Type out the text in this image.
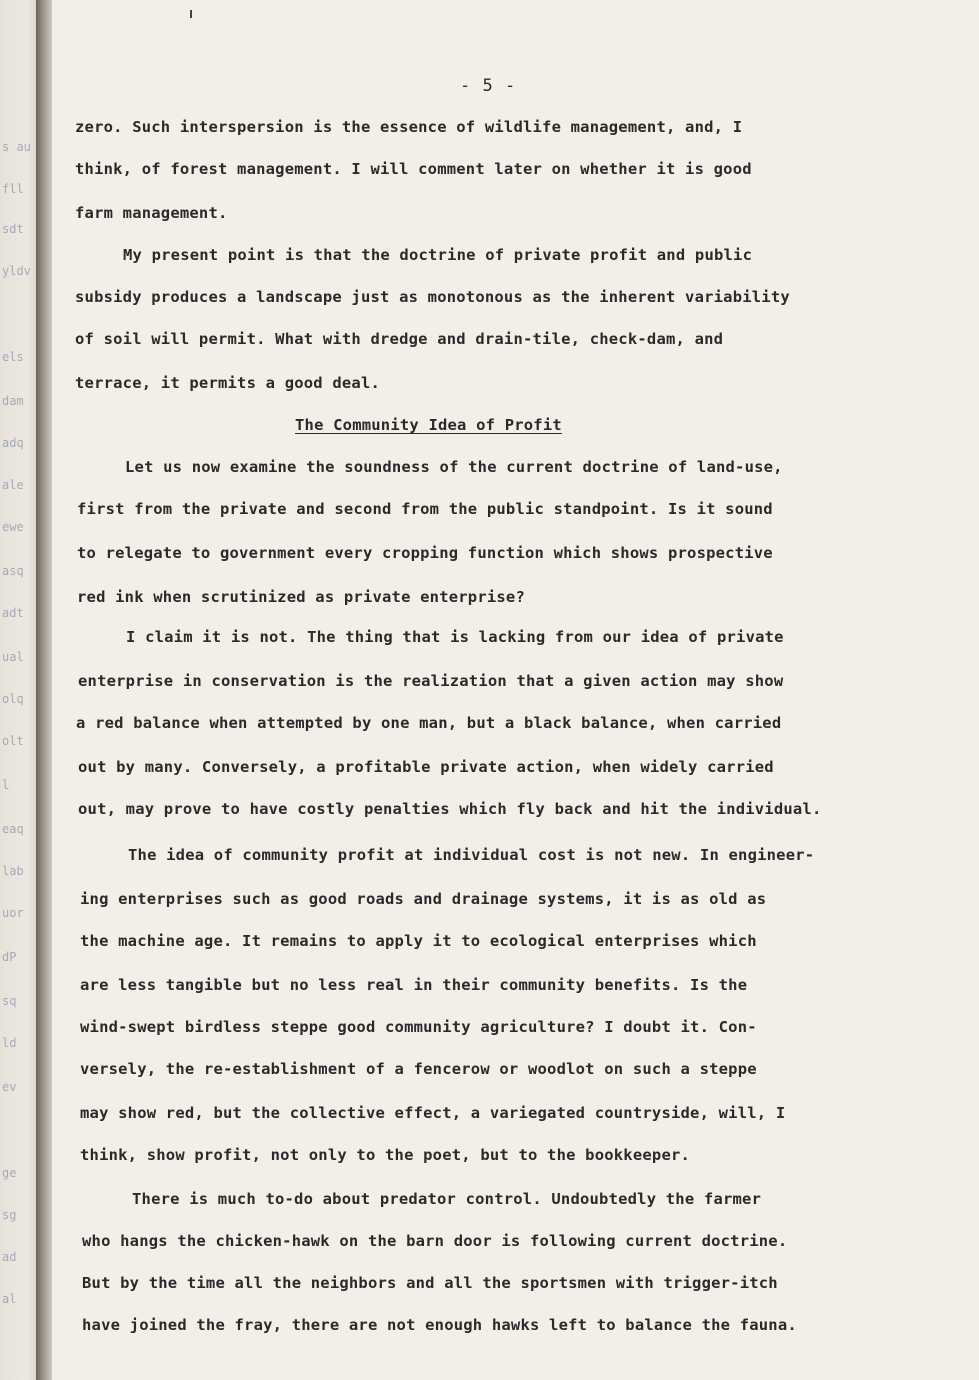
s au
fll
sdt
yldv
els
dam
adq
ale
ewe
asq
adt
ual
olq
olt
l
eaq
lab
uor
dP
sq
ld
ev
ge
sg
ad
al
- 5 -
zero. Such interspersion is the essence of wildlife management, and, I
think, of forest management. I will comment later on whether it is good
farm management.
My present point is that the doctrine of private profit and public
subsidy produces a landscape just as monotonous as the inherent variability
of soil will permit. What with dredge and drain-tile, check-dam, and
terrace, it permits a good deal.
The Community Idea of Profit
Let us now examine the soundness of the current doctrine of land-use,
first from the private and second from the public standpoint. Is it sound
to relegate to government every cropping function which shows prospective
red ink when scrutinized as private enterprise?
I claim it is not. The thing that is lacking from our idea of private
enterprise in conservation is the realization that a given action may show
a red balance when attempted by one man, but a black balance, when carried
out by many. Conversely, a profitable private action, when widely carried
out, may prove to have costly penalties which fly back and hit the individual.
The idea of community profit at individual cost is not new. In engineer-
ing enterprises such as good roads and drainage systems, it is as old as
the machine age. It remains to apply it to ecological enterprises which
are less tangible but no less real in their community benefits. Is the
wind-swept birdless steppe good community agriculture? I doubt it. Con-
versely, the re-establishment of a fencerow or woodlot on such a steppe
may show red, but the collective effect, a variegated countryside, will, I
think, show profit, not only to the poet, but to the bookkeeper.
There is much to-do about predator control. Undoubtedly the farmer
who hangs the chicken-hawk on the barn door is following current doctrine.
But by the time all the neighbors and all the sportsmen with trigger-itch
have joined the fray, there are not enough hawks left to balance the fauna.
